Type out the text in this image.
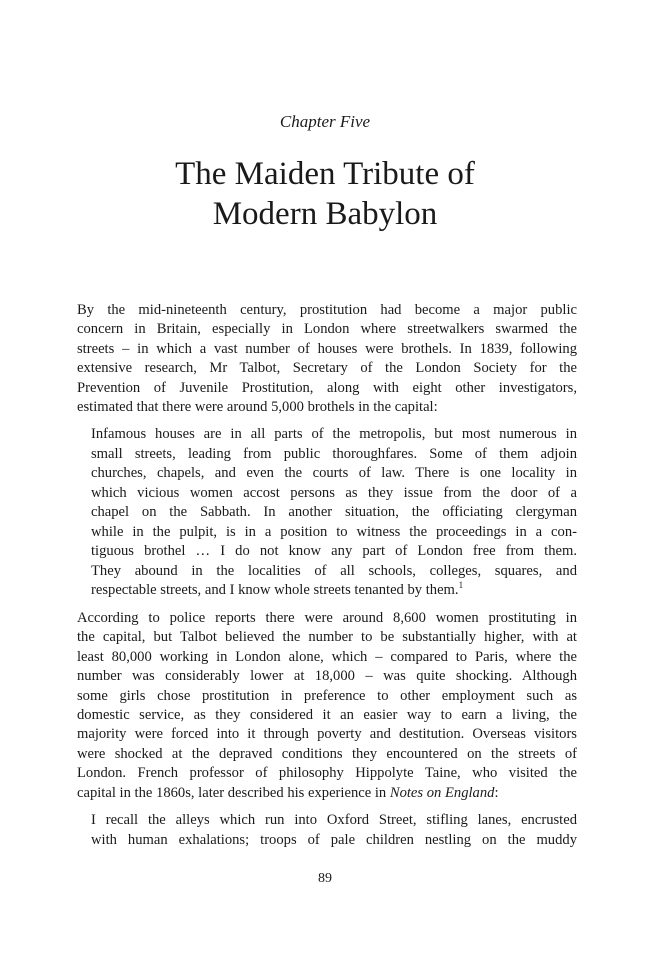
Chapter Five
The Maiden Tribute of
Modern Babylon

By the mid-nineteenth century, prostitution had become a major public
concern in Britain, especially in London where streetwalkers swarmed the
streets – in which a vast number of houses were brothels. In 1839, following
extensive research, Mr Talbot, Secretary of the London Society for the
Prevention of Juvenile Prostitution, along with eight other investigators,
estimated that there were around 5,000 brothels in the capital:

Infamous houses are in all parts of the metropolis, but most numerous in
small streets, leading from public thoroughfares. Some of them adjoin
churches, chapels, and even the courts of law. There is one locality in
which vicious women accost persons as they issue from the door of a
chapel on the Sabbath. In another situation, the officiating clergyman
while in the pulpit, is in a position to witness the proceedings in a con-
tiguous brothel … I do not know any part of London free from them.
They abound in the localities of all schools, colleges, squares, and
respectable streets, and I know whole streets tenanted by them.$^1$

According to police reports there were around 8,600 women prostituting in
the capital, but Talbot believed the number to be substantially higher, with at
least 80,000 working in London alone, which – compared to Paris, where the
number was considerably lower at 18,000 – was quite shocking. Although
some girls chose prostitution in preference to other employment such as
domestic service, as they considered it an easier way to earn a living, the
majority were forced into it through poverty and destitution. Overseas visitors
were shocked at the depraved conditions they encountered on the streets of
London. French professor of philosophy Hippolyte Taine, who visited the
capital in the 1860s, later described his experience in Notes on England:

I recall the alleys which run into Oxford Street, stifling lanes, encrusted
with human exhalations; troops of pale children nestling on the muddy
89
